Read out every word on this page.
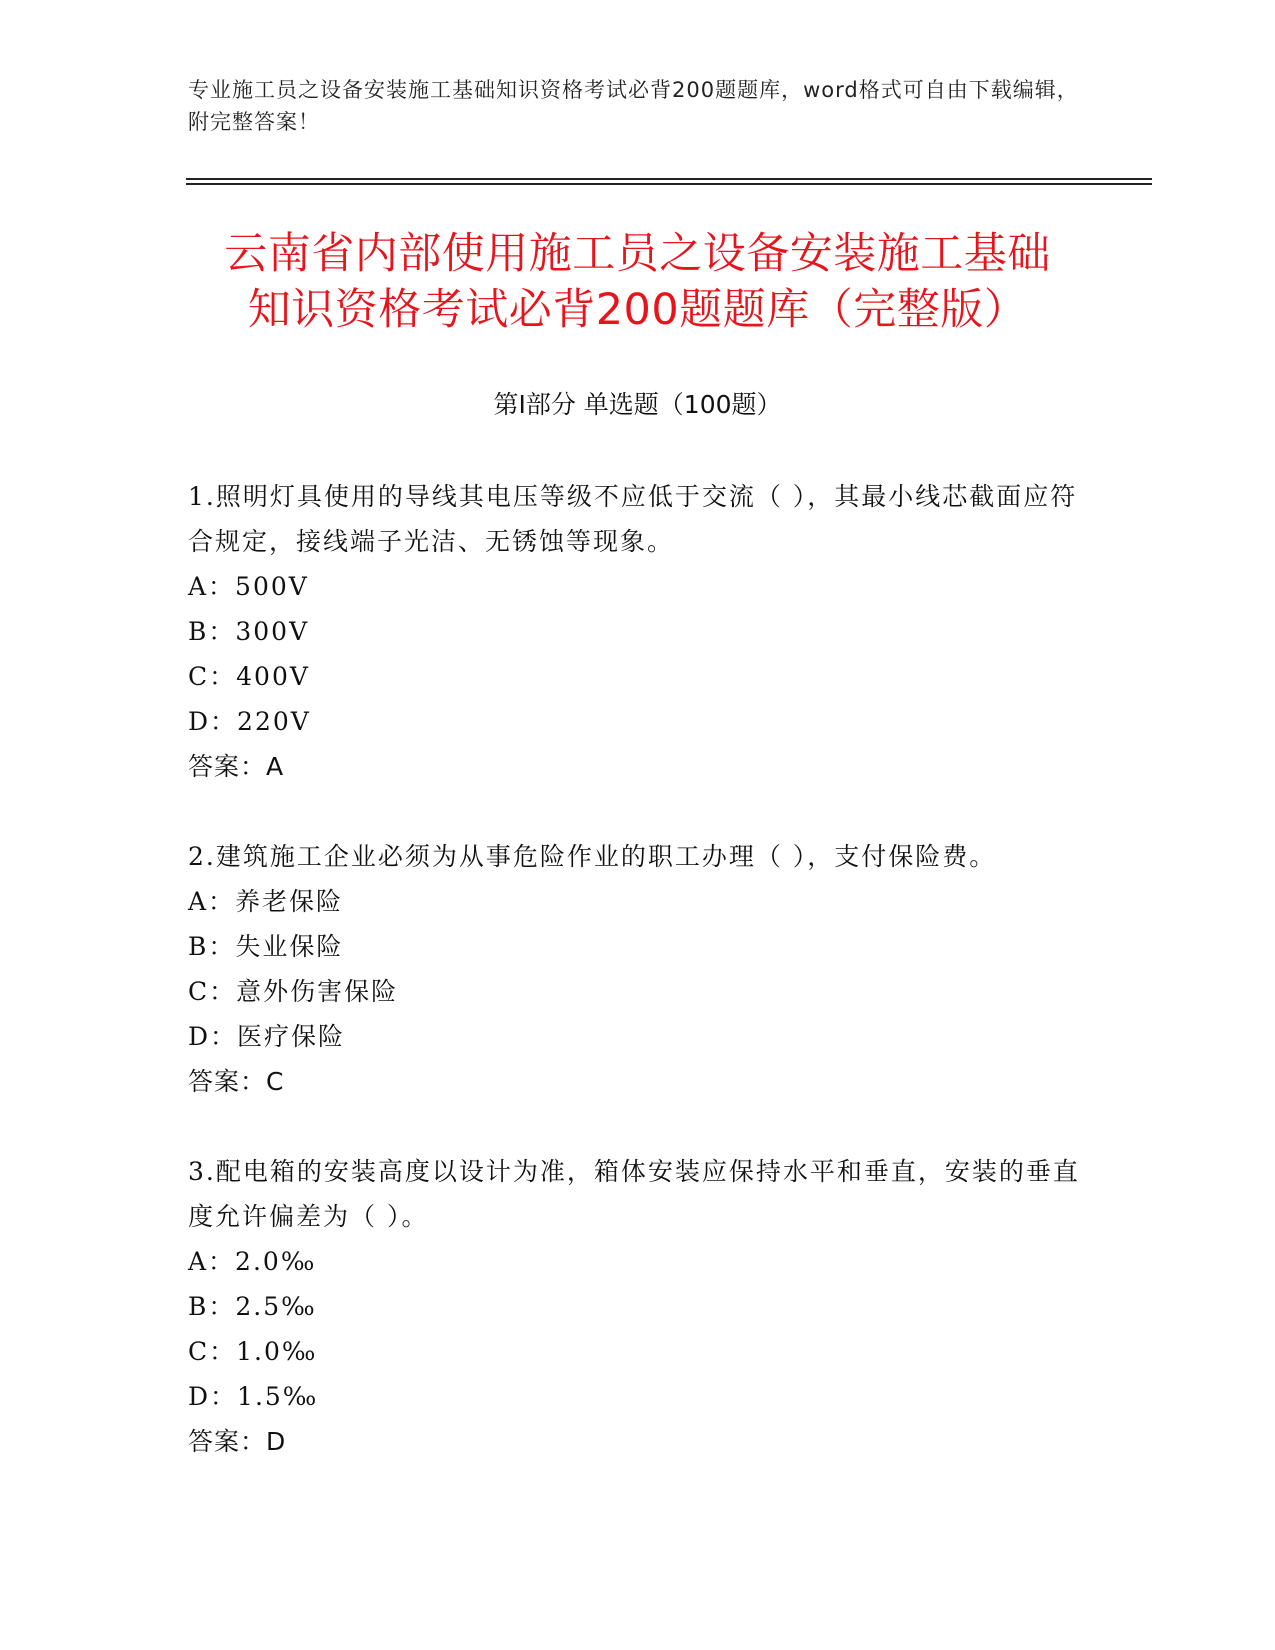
专业施工员之设备安装施工基础知识资格考试必背200题题库，word格式可自由下载编辑，附完整答案！
云南省内部使用施工员之设备安装施工基础
知识资格考试必背200题题库（完整版）
第Ⅰ部分 单选题（100题）

1.照明灯具使用的导线其电压等级不应低于交流（ ），其最小线芯截面应符合规定，接线端子光洁、无锈蚀等现象。

A：500V

B：300V

C：400V

D：220V

答案：A

2.建筑施工企业必须为从事危险作业的职工办理（ ），支付保险费。

A：养老保险

B：失业保险

C：意外伤害保险

D：医疗保险

答案：C

3.配电箱的安装高度以设计为准，箱体安装应保持水平和垂直，安装的垂直度允许偏差为（ ）。

A：2.0‰

B：2.5‰

C：1.0‰

D：1.5‰

答案：D
